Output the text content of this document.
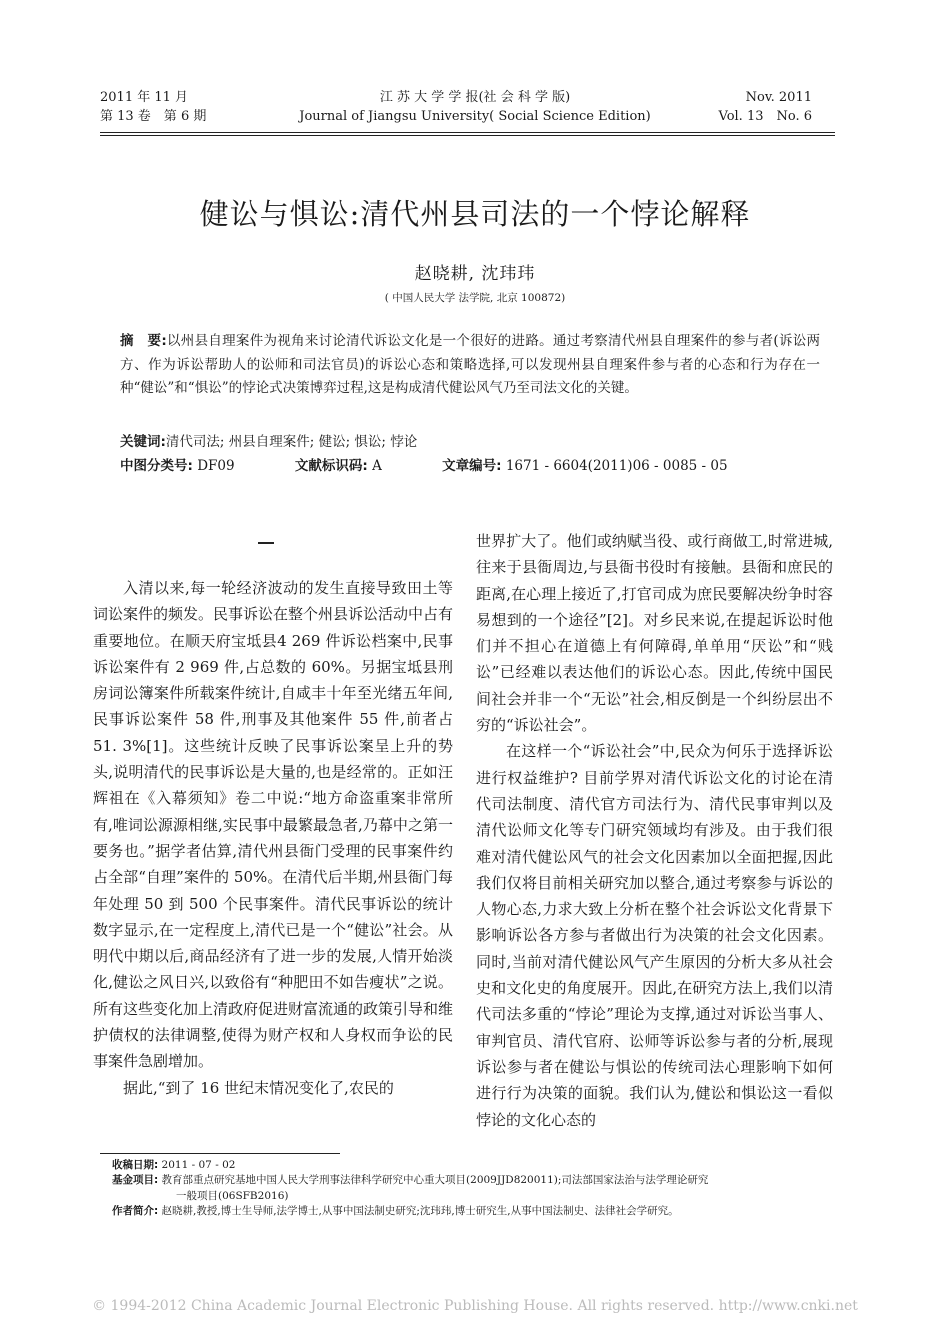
2011 年 11 月
第 13 卷　第 6 期
江 苏 大 学 学 报(社 会 科 学 版)
Journal of Jiangsu University( Social Science Edition)
Nov. 2011
Vol. 13　No. 6
健讼与惧讼:清代州县司法的一个悖论解释
赵晓耕, 沈玮玮
( 中国人民大学 法学院, 北京 100872)
摘　要:以州县自理案件为视角来讨论清代诉讼文化是一个很好的进路。通过考察清代州县自理案件的参与者(诉讼两方、作为诉讼帮助人的讼师和司法官员)的诉讼心态和策略选择,可以发现州县自理案件参与者的心态和行为存在一种“健讼”和“惧讼”的悖论式决策博弈过程,这是构成清代健讼风气乃至司法文化的关键。
关键词:清代司法; 州县自理案件; 健讼; 惧讼; 悖论
中图分类号: DF09	文献标识码: A	文章编号: 1671 - 6604(2011)06 - 0085 - 05

入清以来,每一轮经济波动的发生直接导致田土等词讼案件的频发。民事诉讼在整个州县诉讼活动中占有重要地位。在顺天府宝坻县4 269 件诉讼档案中,民事诉讼案件有 2 969 件,占总数的 60%。另据宝坻县刑房词讼簿案件所载案件统计,自咸丰十年至光绪五年间,民事诉讼案件 58 件,刑事及其他案件 55 件,前者占51. 3%[1]。这些统计反映了民事诉讼案呈上升的势头,说明清代的民事诉讼是大量的,也是经常的。正如汪辉祖在《入幕须知》卷二中说:“地方命盗重案非常所有,唯词讼源源相继,实民事中最繁最急者,乃幕中之第一要务也。”据学者估算,清代州县衙门受理的民事案件约占全部“自理”案件的 50%。在清代后半期,州县衙门每年处理 50 到 500 个民事案件。清代民事诉讼的统计数字显示,在一定程度上,清代已是一个“健讼”社会。从明代中期以后,商品经济有了进一步的发展,人情开始淡化,健讼之风日兴,以致俗有“种肥田不如告瘦状”之说。所有这些变化加上清政府促进财富流通的政策引导和维护债权的法律调整,使得为财产权和人身权而争讼的民事案件急剧增加。

据此,“到了 16 世纪末情况变化了,农民的

世界扩大了。他们或纳赋当役、或行商做工,时常进城,往来于县衙周边,与县衙书役时有接触。县衙和庶民的距离,在心理上接近了,打官司成为庶民要解决纷争时容易想到的一个途径”[2]。对乡民来说,在提起诉讼时他们并不担心在道德上有何障碍,单单用“厌讼”和“贱讼”已经难以表达他们的诉讼心态。因此,传统中国民间社会并非一个“无讼”社会,相反倒是一个纠纷层出不穷的“诉讼社会”。

在这样一个“诉讼社会”中,民众为何乐于选择诉讼进行权益维护? 目前学界对清代诉讼文化的讨论在清代司法制度、清代官方司法行为、清代民事审判以及清代讼师文化等专门研究领域均有涉及。由于我们很难对清代健讼风气的社会文化因素加以全面把握,因此我们仅将目前相关研究加以整合,通过考察参与诉讼的人物心态,力求大致上分析在整个社会诉讼文化背景下影响诉讼各方参与者做出行为决策的社会文化因素。同时,当前对清代健讼风气产生原因的分析大多从社会史和文化史的角度展开。因此,在研究方法上,我们以清代司法多重的“悖论”理论为支撑,通过对诉讼当事人、审判官员、清代官府、讼师等诉讼参与者的分析,展现诉讼参与者在健讼与惧讼的传统司法心理影响下如何进行行为决策的面貌。我们认为,健讼和惧讼这一看似悖论的文化心态的

收稿日期: 2011 - 07 - 02
基金项目: 教育部重点研究基地中国人民大学刑事法律科学研究中心重大项目(2009JJD820011);司法部国家法治与法学理论研究
一般项目(06SFB2016)
作者简介: 赵晓耕,教授,博士生导师,法学博士,从事中国法制史研究;沈玮玮,博士研究生,从事中国法制史、法律社会学研究。
© 1994-2012 China Academic Journal Electronic Publishing House. All rights reserved. http://www.cnki.net
